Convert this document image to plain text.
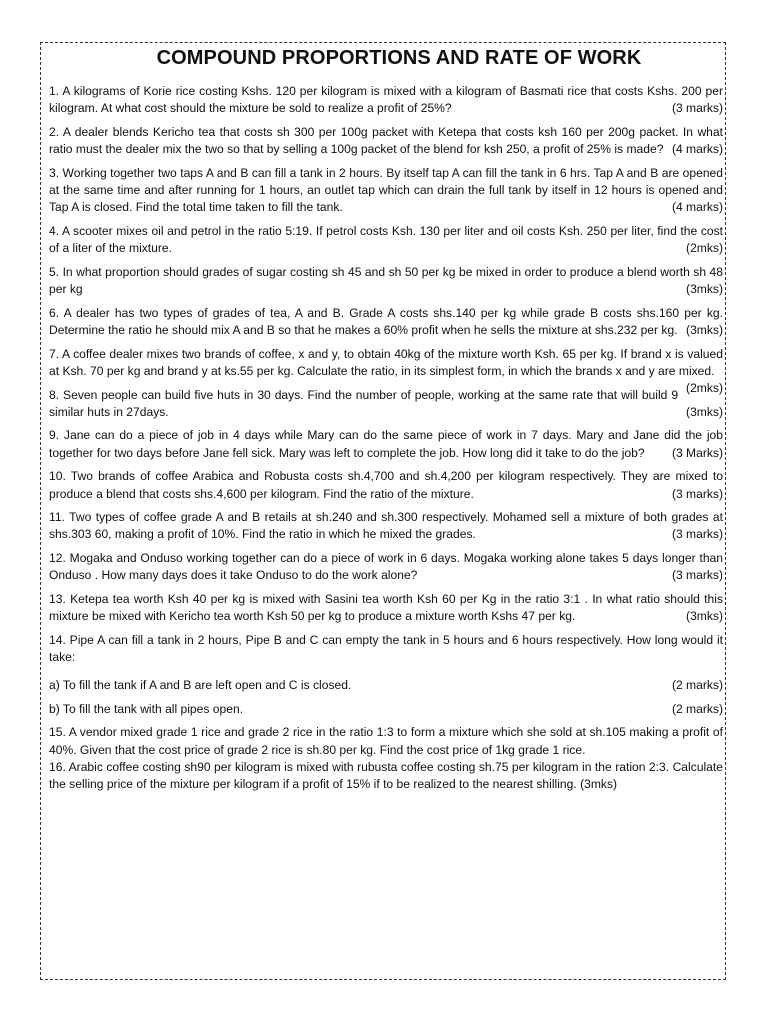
COMPOUND PROPORTIONS AND RATE OF WORK
1. A kilograms of Korie rice costing Kshs. 120 per kilogram is mixed with a kilogram of Basmati rice that costs Kshs. 200 per kilogram. At what cost should the mixture be sold to realize a profit of 25%?	(3 marks)
2. A dealer blends Kericho tea that costs sh 300 per 100g packet with Ketepa that costs ksh 160 per 200g packet. In what ratio must the dealer mix the two so that by selling a 100g packet of the blend for ksh 250, a profit of 25% is made? (4 marks)
3. Working together two taps A and B can fill a tank in 2 hours. By itself tap A can fill the tank in 6 hrs. Tap A and B are opened at the same time and after running for 1 hours, an outlet tap which can drain the full tank by itself in 12 hours is opened and Tap A is closed. Find the total time taken to fill the tank.	(4 marks)
4. A scooter mixes oil and petrol in the ratio 5:19. If petrol costs Ksh. 130 per liter and oil costs Ksh. 250 per liter, find the cost of a liter of the mixture.	(2mks)
5. In what proportion should grades of sugar costing sh 45 and sh 50 per kg be mixed in order to produce a blend worth sh 48 per kg	(3mks)
6. A dealer has two types of grades of tea, A and B. Grade A costs shs.140 per kg while grade B costs shs.160 per kg. Determine the ratio he should mix A and B so that he makes a 60% profit when he sells the mixture at shs.232 per kg. (3mks)
7. A coffee dealer mixes two brands of coffee, x and y, to obtain 40kg of the mixture worth Ksh. 65 per kg. If brand x is valued at Ksh. 70 per kg and brand y at ks.55 per kg. Calculate the ratio, in its simplest form, in which the brands x and y are mixed.
(2mks)
8. Seven people can build five huts in 30 days. Find the number of people, working at the same rate that will build 9 similar huts in 27days.	(3mks)
9. Jane can do a piece of job in 4 days while Mary can do the same piece of work in 7 days. Mary and Jane did the job together for two days before Jane fell sick. Mary was left to complete the job. How long did it take to do the job?	(3 Marks)
10. Two brands of coffee Arabica and Robusta costs sh.4,700 and sh.4,200 per kilogram respectively. They are mixed to produce a blend that costs shs.4,600 per kilogram. Find the ratio of the mixture.	(3 marks)
11. Two types of coffee grade A and B retails at sh.240 and sh.300 respectively. Mohamed sell a mixture of both grades at shs.303 60, making a profit of 10%. Find the ratio in which he mixed the grades.	(3 marks)
12. Mogaka and Onduso working together can do a piece of work in 6 days. Mogaka working alone takes 5 days longer than Onduso . How many days does it take Onduso to do the work alone?	(3 marks)
13. Ketepa tea worth Ksh 40 per kg is mixed with Sasini tea worth Ksh 60 per Kg in the ratio 3:1 . In what ratio should this mixture be mixed with Kericho tea worth Ksh 50 per kg to produce a mixture worth Kshs 47 per kg.	(3mks)
14. Pipe A can fill a tank in 2 hours, Pipe B and C can empty the tank in 5 hours and 6 hours respectively. How long would it take:
a) To fill the tank if A and B are left open and C is closed.	(2 marks)
b) To fill the tank with all pipes open.	(2 marks)

15. A vendor mixed grade 1 rice and grade 2 rice in the ratio 1:3 to form a mixture which she sold at sh.105 making a profit of 40%. Given that the cost price of grade 2 rice is sh.80 per kg. Find the cost price of 1kg grade 1 rice.

16. Arabic coffee costing sh90 per kilogram is mixed with rubusta coffee costing sh.75 per kilogram in the ration 2:3. Calculate the selling price of the mixture per kilogram if a profit of 15% if to be realized to the nearest shilling. (3mks)
